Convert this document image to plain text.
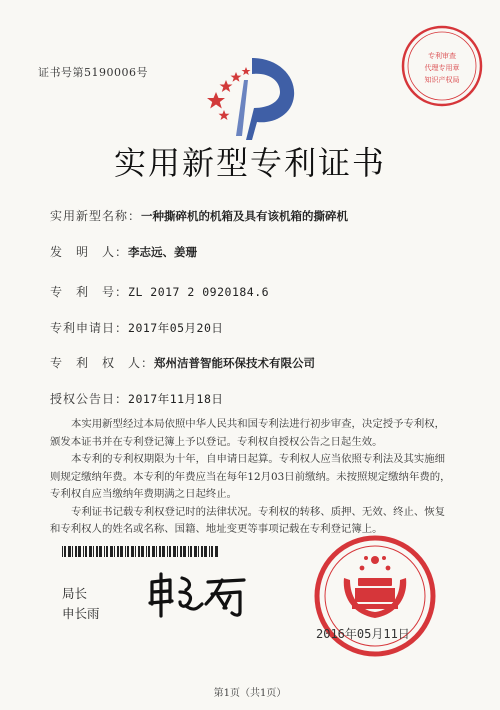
证书号第5190006号
专利审查
代理专用章
知识产权局
实用新型专利证书
实用新型名称：一种撕碎机的机箱及具有该机箱的撕碎机
发　明　人：李志远、姜珊
专　利　号：ZL 2017 2 0920184.6
专利申请日：2017年05月20日
专　利　权　人：郑州洁普智能环保技术有限公司
授权公告日：2017年11月18日

本实用新型经过本局依照中华人民共和国专利法进行初步审查，决定授予专利权，颁发本证书并在专利登记簿上予以登记。专利权自授权公告之日起生效。

本专利的专利权期限为十年，自申请日起算。专利权人应当依照专利法及其实施细则规定缴纳年费。本专利的年费应当在每年12月03日前缴纳。未按照规定缴纳年费的，专利权自应当缴纳年费期满之日起终止。

专利证书记载专利权登记时的法律状况。专利权的转移、质押、无效、终止、恢复和专利权人的姓名或名称、国籍、地址变更等事项记载在专利登记簿上。

局长
申长雨
2016年05月11日
第1页（共1页）
